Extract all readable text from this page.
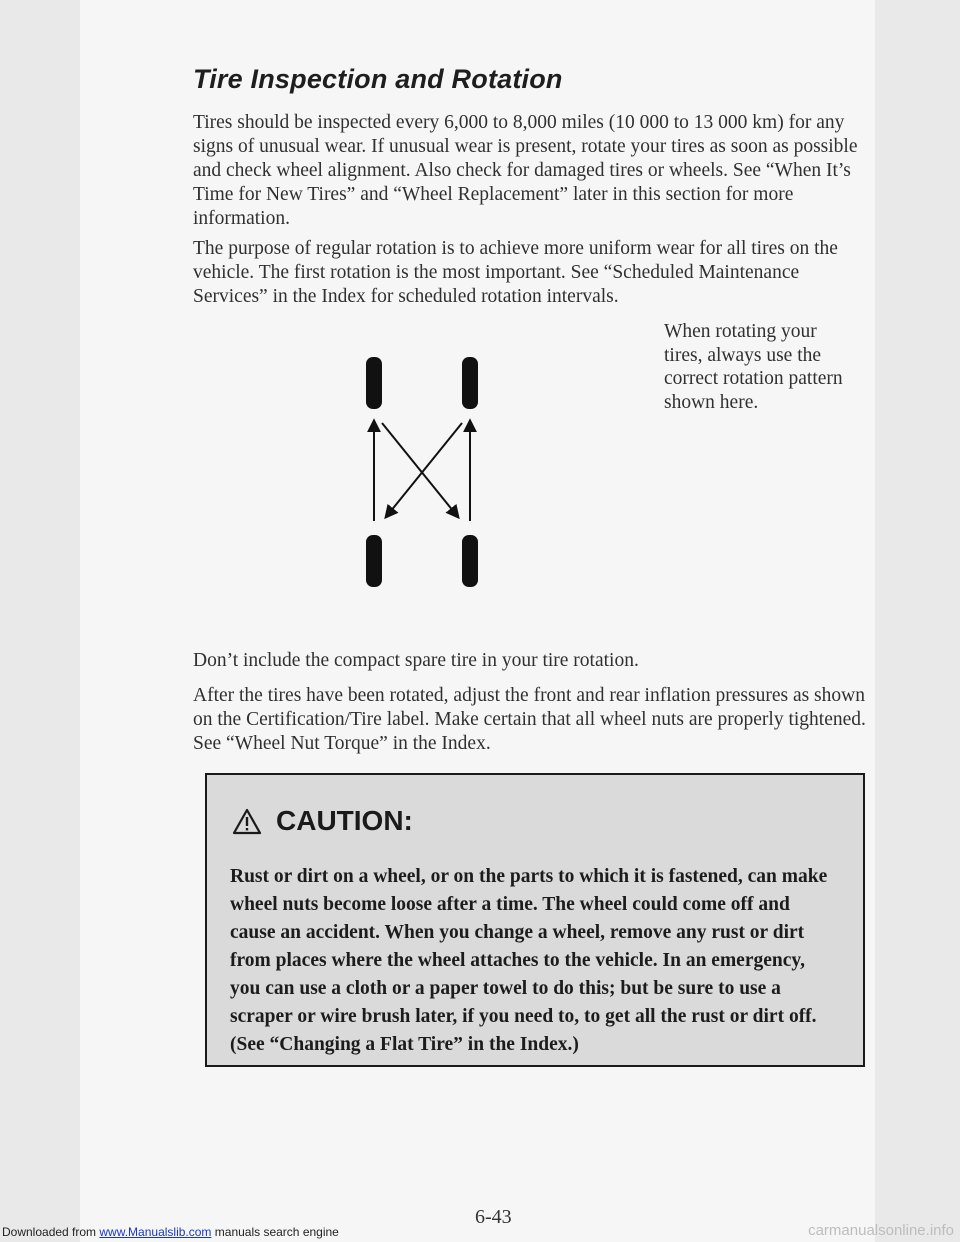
Tire Inspection and Rotation

Tires should be inspected every 6,000 to 8,000 miles (10 000 to 13 000 km) for any signs of unusual wear. If unusual wear is present, rotate your tires as soon as possible and check wheel alignment. Also check for damaged tires or wheels. See “When It’s Time for New Tires” and “Wheel Replacement” later in this section for more information.

The purpose of regular rotation is to achieve more uniform wear for all tires on the vehicle. The first rotation is the most important. See “Scheduled Maintenance Services” in the Index for scheduled rotation intervals.

When rotating your tires, always use the correct rotation pattern shown here.

Don’t include the compact spare tire in your tire rotation.

After the tires have been rotated, adjust the front and rear inflation pressures as shown on the Certification/Tire label. Make certain that all wheel nuts are properly tightened. See “Wheel Nut Torque” in the Index.

CAUTION:

Rust or dirt on a wheel, or on the parts to which it is fastened, can make wheel nuts become loose after a time. The wheel could come off and cause an accident. When you change a wheel, remove any rust or dirt from places where the wheel attaches to the vehicle. In an emergency, you can use a cloth or a paper towel to do this; but be sure to use a scraper or wire brush later, if you need to, to get all the rust or dirt off. (See “Changing a Flat Tire” in the Index.)

6-43
Downloaded from www.Manualslib.com manuals search engine	carmanualsonline.info
